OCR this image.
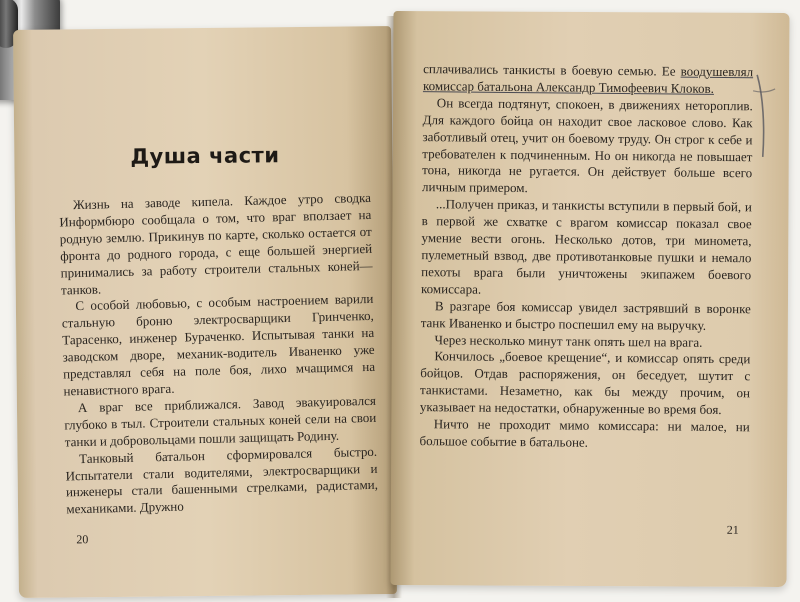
Душа части

Жизнь на заводе кипела. Каждое утро сводка Информбюро сообщала о том, что враг вползает на родную землю. Прикинув по карте, сколько остается от фронта до родного города, с еще большей энергией принимались за работу строители стальных коней—танков.

С особой любовью, с особым настроением варили стальную броню электросварщики Гринченко, Тарасенко, инженер Бураченко. Испытывая танки на заводском дворе, механик-водитель Иваненко уже представлял себя на поле боя, лихо мчащимся на ненавистного врага.

А враг все приближался. Завод эвакуировался глубоко в тыл. Строители стальных коней сели на свои танки и добровольцами пошли защищать Родину.

Танковый батальон сформировался быстро. Испытатели стали водителями, электросварщики и инженеры стали башенными стрелками, радистами, механиками. Дружно

20

сплачивались танкисты в боевую семью. Ее воодушевлял комиссар батальона Александр Тимофеевич Клоков.

Он всегда подтянут, спокоен, в движениях нетороплив. Для каждого бойца он находит свое ласковое слово. Как заботливый отец, учит он боевому труду. Он строг к себе и требователен к подчиненным. Но он никогда не повышает тона, никогда не ругается. Он действует больше всего личным примером.

...Получен приказ, и танкисты вступили в первый бой, и в первой же схватке с врагом комиссар показал свое умение вести огонь. Несколько дотов, три минометa, пулеметный взвод, две противотанковые пушки и немало пехоты врага были уничтожены экипажем боевого комиссара.

В разгаре боя комиссар увидел застрявший в воронке танк Иваненко и быстро поспешил ему на выручку.

Через несколько минут танк опять шел на врага.

Кончилось „боевое крещение“, и комиссар опять среди бойцов. Отдав распоряжения, он беседует, шутит с танкистами. Незаметно, как бы между прочим, он указывает на недостатки, обнаруженные во время боя.

Ничто не проходит мимо комиссара: ни малое, ни большое событие в батальоне.

21
